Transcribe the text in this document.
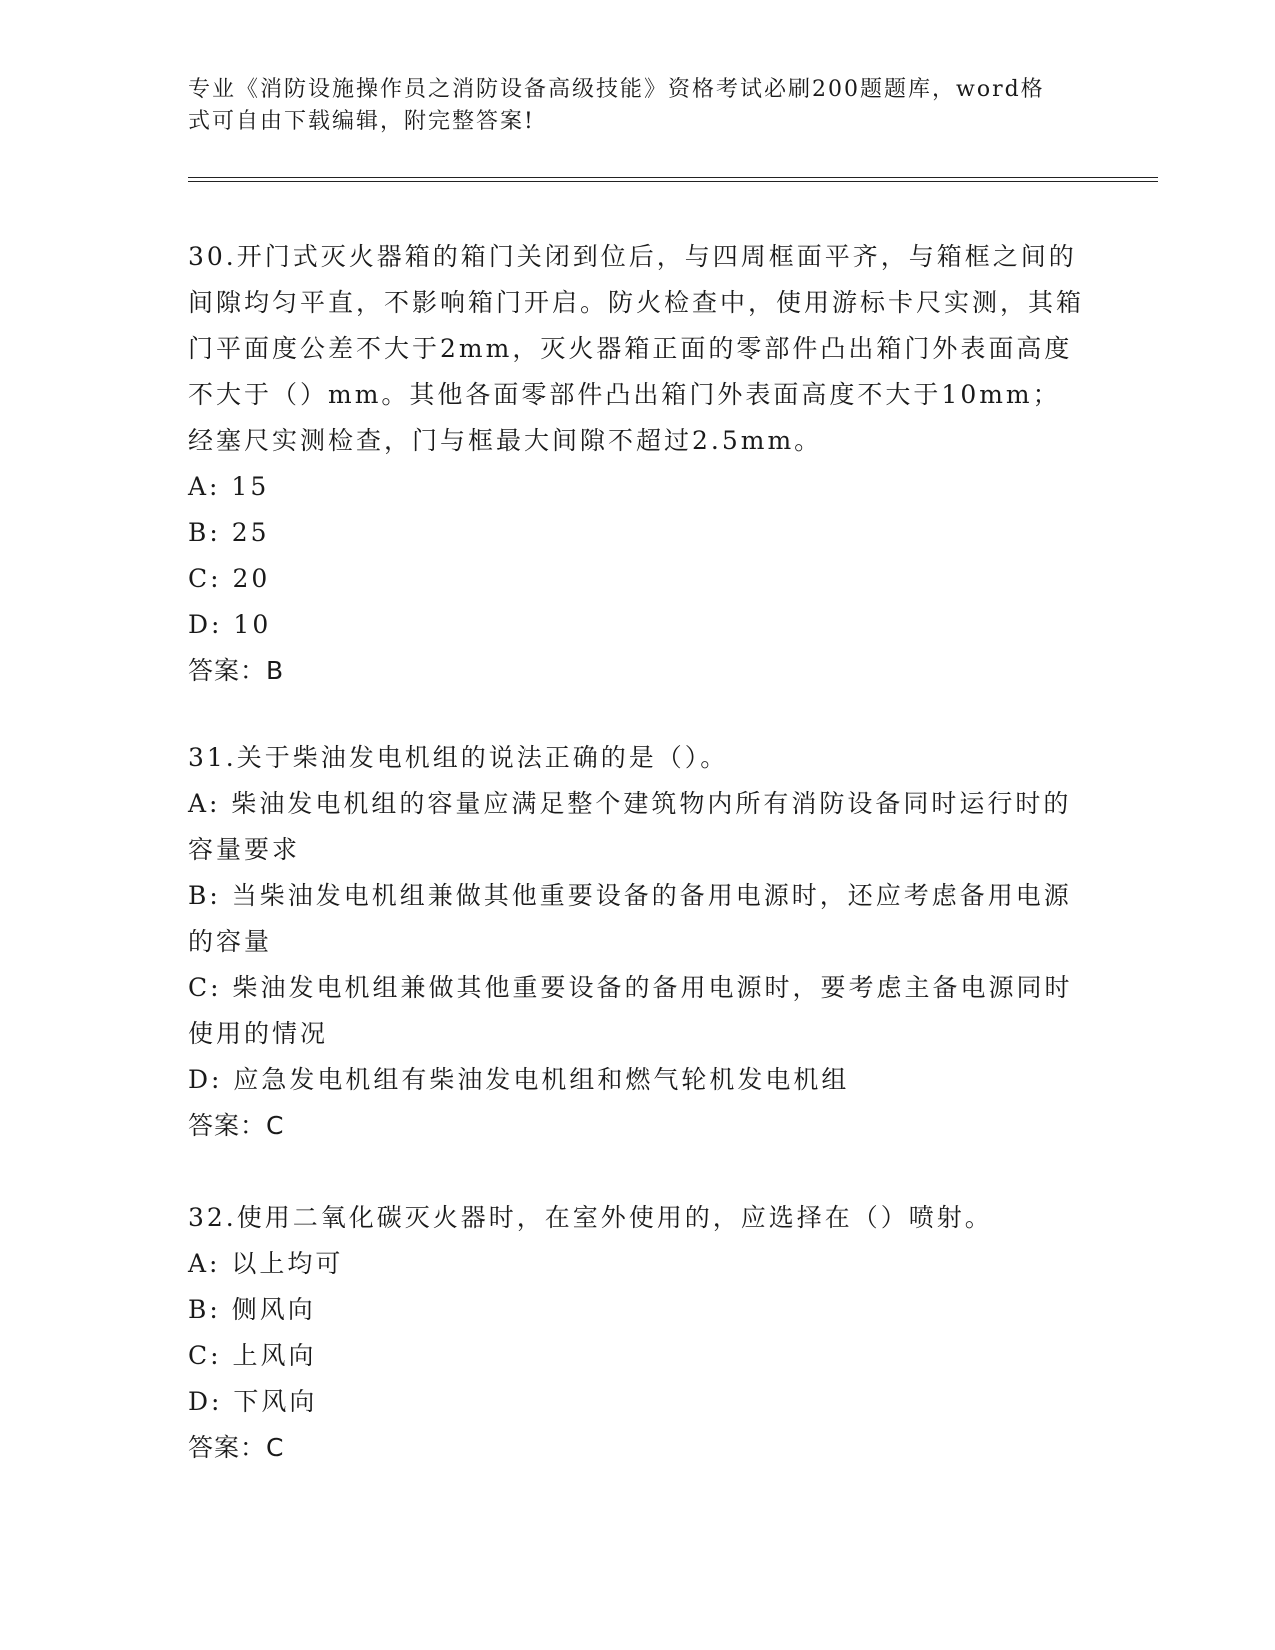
专业《消防设施操作员之消防设备高级技能》资格考试必刷200题题库，word格式可自由下载编辑，附完整答案!

30.开门式灭火器箱的箱门关闭到位后，与四周框面平齐，与箱框之间的间隙均匀平直，不影响箱门开启。防火检查中，使用游标卡尺实测，其箱门平面度公差不大于2mm，灭火器箱正面的零部件凸出箱门外表面高度不大于（）mm。其他各面零部件凸出箱门外表面高度不大于10mm；经塞尺实测检查，门与框最大间隙不超过2.5mm。

A: 15

B: 25

C: 20

D: 10

答案：B

31.关于柴油发电机组的说法正确的是（）。

A: 柴油发电机组的容量应满足整个建筑物内所有消防设备同时运行时的容量要求

B: 当柴油发电机组兼做其他重要设备的备用电源时，还应考虑备用电源的容量

C: 柴油发电机组兼做其他重要设备的备用电源时，要考虑主备电源同时使用的情况

D: 应急发电机组有柴油发电机组和燃气轮机发电机组

答案：C

32.使用二氧化碳灭火器时，在室外使用的，应选择在（）喷射。

A: 以上均可

B: 侧风向

C: 上风向

D: 下风向

答案：C
